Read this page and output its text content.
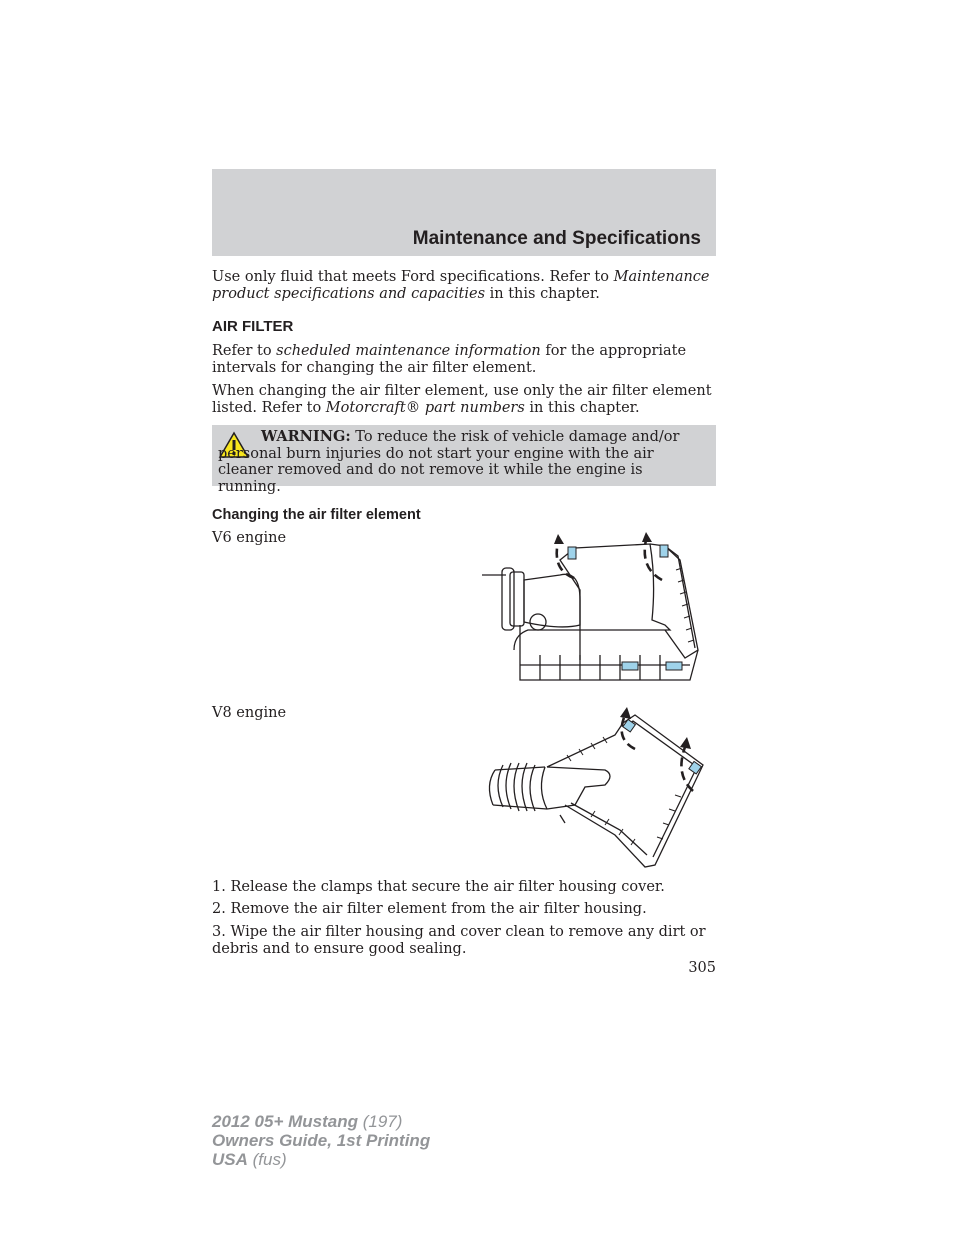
Maintenance and Specifications
Use only fluid that meets Ford specifications. Refer to Maintenance product specifications and capacities in this chapter.
AIR FILTER
Refer to scheduled maintenance information for the appropriate intervals for changing the air filter element.
When changing the air filter element, use only the air filter element listed. Refer to Motorcraft® part numbers in this chapter.
WARNING: To reduce the risk of vehicle damage and/or personal burn injuries do not start your engine with the air cleaner removed and do not remove it while the engine is running.
Changing the air filter element
V6 engine
V8 engine
1. Release the clamps that secure the air filter housing cover.
2. Remove the air filter element from the air filter housing.
3. Wipe the air filter housing and cover clean to remove any dirt or debris and to ensure good sealing.
305
2012 05+ Mustang (197)
Owners Guide, 1st Printing
USA (fus)
